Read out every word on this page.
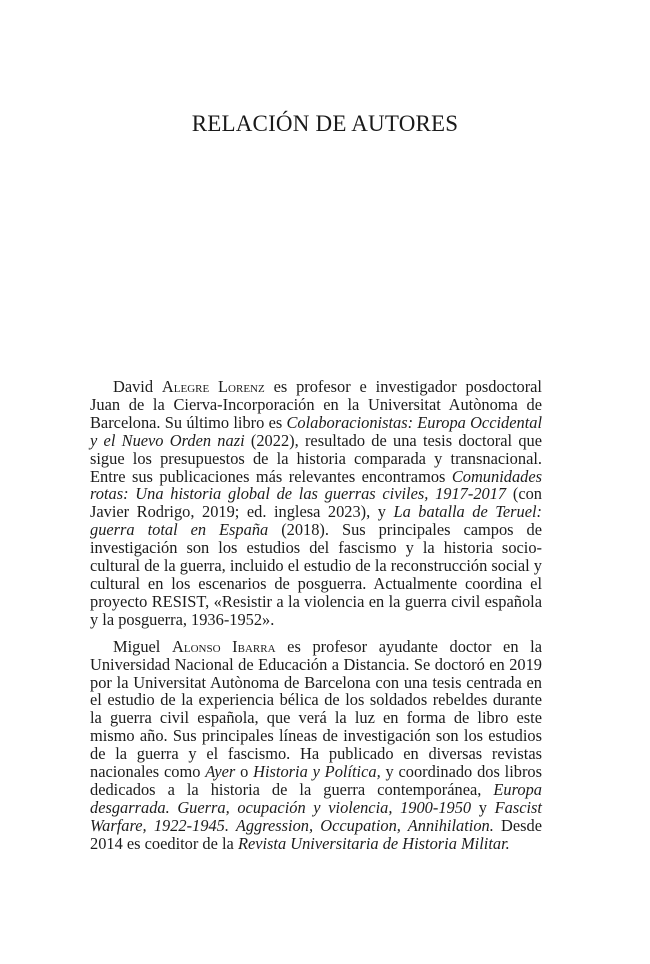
RELACIÓN DE AUTORES

David Alegre Lorenz es profesor e investigador posdoctoral Juan de la Cierva-Incorporación en la Universitat Autònoma de Barcelona. Su último libro es Colaboracionistas: Europa Occidental y el Nuevo Orden nazi (2022), resultado de una tesis doctoral que sigue los presupuestos de la historia comparada y transnacional. Entre sus publicaciones más relevantes encontramos Comunidades rotas: Una historia global de las guerras civiles, 1917-2017 (con Javier Rodrigo, 2019; ed. inglesa 2023), y La batalla de Teruel: guerra total en España (2018). Sus principales campos de investigación son los estudios del fascismo y la historia socio-cultural de la guerra, incluido el estudio de la reconstrucción social y cultural en los escenarios de posguerra. Actualmente coordina el proyecto RESIST, «Resistir a la violencia en la guerra civil española y la posguerra, 1936-1952».

Miguel Alonso Ibarra es profesor ayudante doctor en la Universidad Nacional de Educación a Distancia. Se doctoró en 2019 por la Universitat Autònoma de Barcelona con una tesis centrada en el estudio de la experiencia bélica de los soldados rebeldes durante la guerra civil española, que verá la luz en forma de libro este mismo año. Sus principales líneas de investigación son los estudios de la guerra y el fascismo. Ha publicado en diversas revistas nacionales como Ayer o Historia y Política, y coordinado dos libros dedicados a la historia de la guerra contemporánea, Europa desgarrada. Guerra, ocupación y violencia, 1900-1950 y Fascist Warfare, 1922-1945. Aggression, Occupation, Annihilation. Desde 2014 es coeditor de la Revista Universitaria de Historia Militar.
